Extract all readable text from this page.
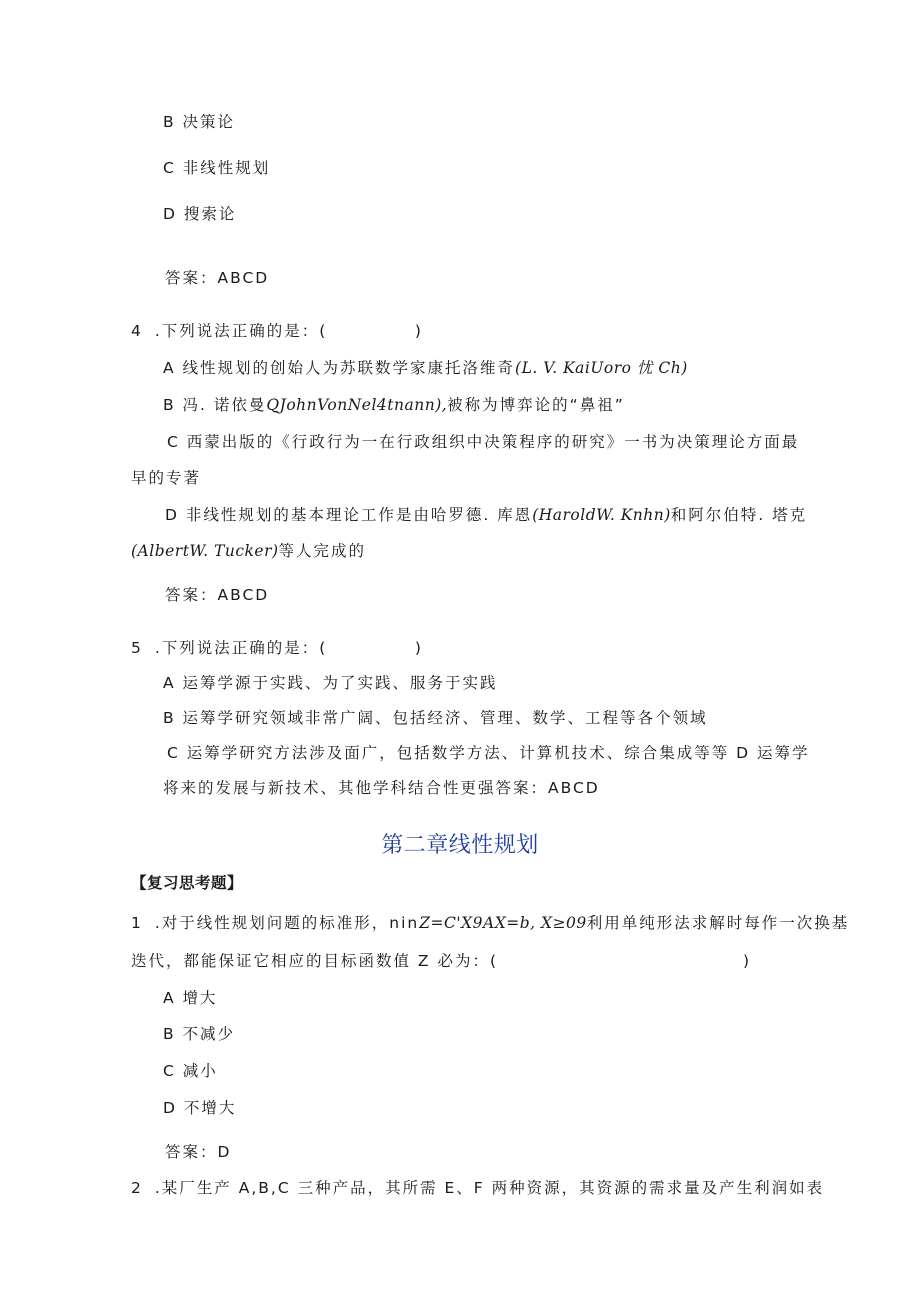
B 决策论
C 非线性规划
D 搜索论
答案：ABCD
4 .下列说法正确的是：(　　　　　)
A 线性规划的创始人为苏联数学家康托洛维奇(L. V. KaiUoro 忧 Ch)
B 冯. 诺依曼QJohnVonNel4tnann),被称为博弈论的“鼻祖”
C 西蒙出版的《行政行为一在行政组织中决策程序的研究》一书为决策理论方面最
早的专著
D 非线性规划的基本理论工作是由哈罗德. 库恩(HaroldW. Knhn)和阿尔伯特. 塔克
(AlbertW. Tucker)等人完成的
答案：ABCD
5 .下列说法正确的是：(　　　　　)
A 运筹学源于实践、为了实践、服务于实践
B 运筹学研究领域非常广阔、包括经济、管理、数学、工程等各个领域
C 运筹学研究方法涉及面广，包括数学方法、计算机技术、综合集成等等 D 运筹学
将来的发展与新技术、其他学科结合性更强答案：ABCD
第二章线性规划
【复习思考题】
1 .对于线性规划问题的标准形，ninZ=C'X9AX=b, X≥09利用单纯形法求解时每作一次换基
迭代，都能保证它相应的目标函数值 Z 必为：(　　　　　　　　　　　　　　)
A 增大
B 不减少
C 减小
D 不增大
答案：D
2 .某厂生产 A,B,C 三种产品，其所需 E、F 两种资源，其资源的需求量及产生利润如表
